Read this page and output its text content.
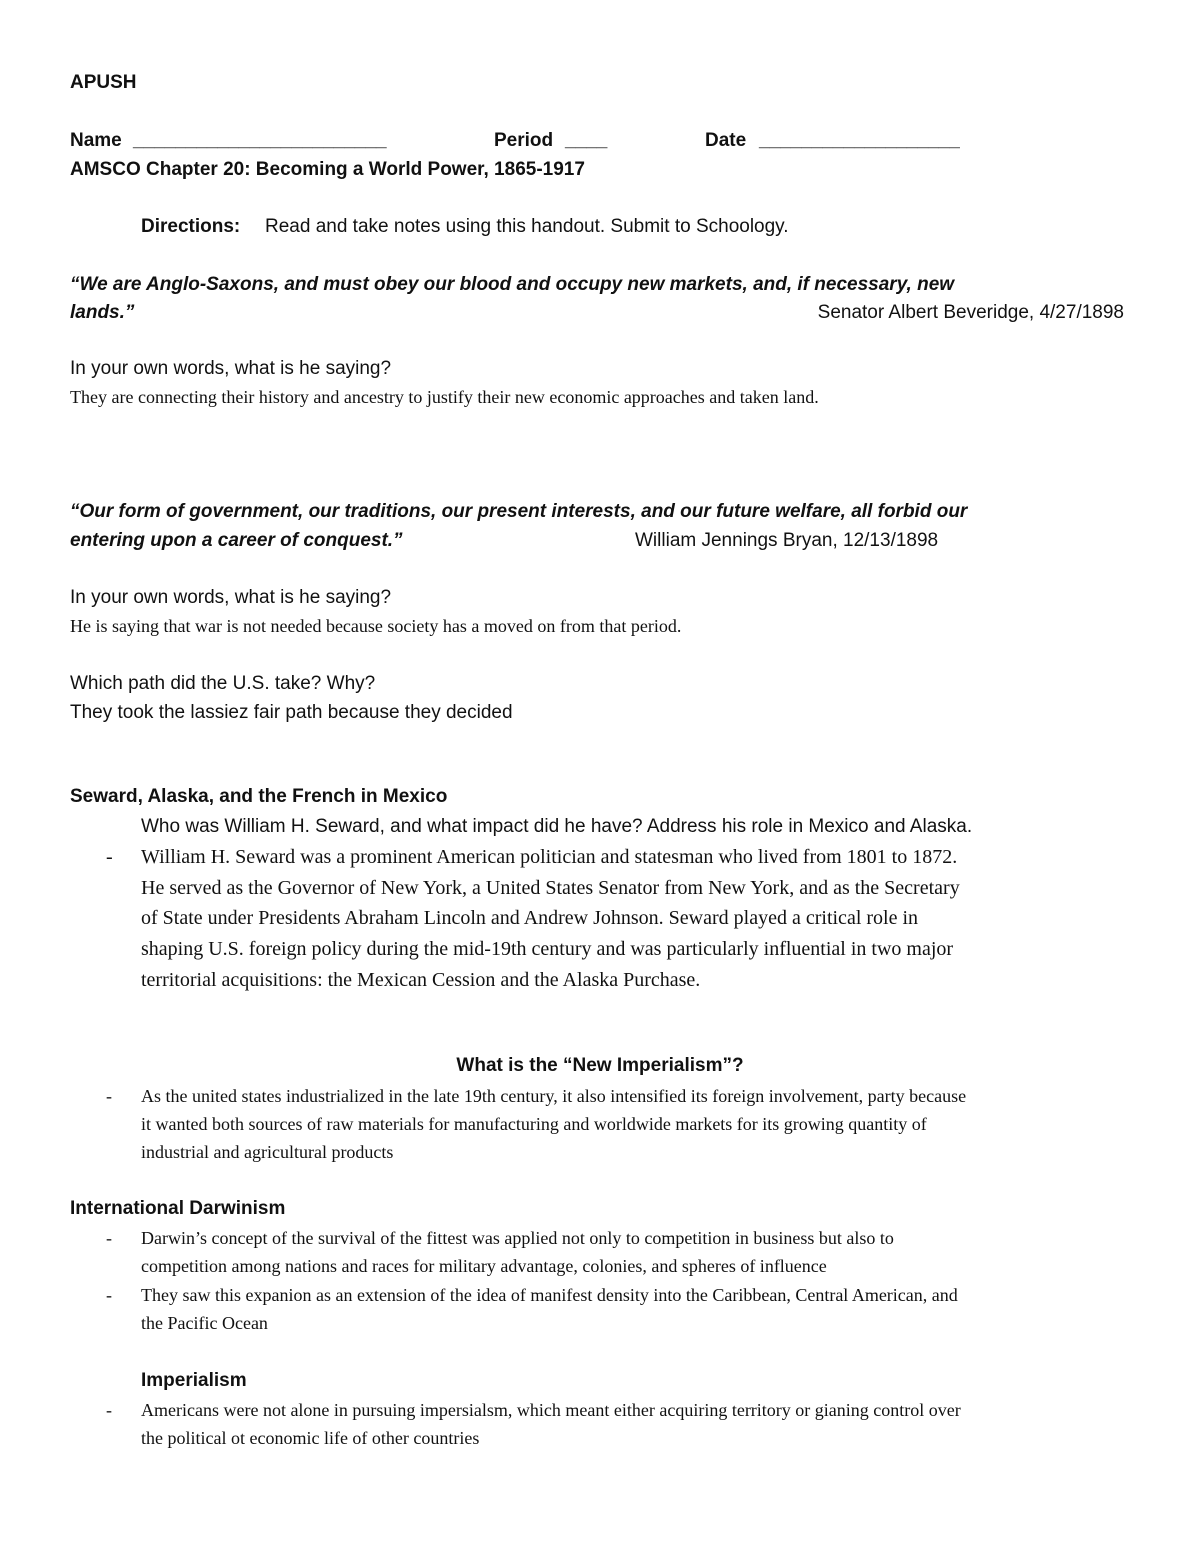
APUSH
Name ________________________	Period ____	Date ___________________
AMSCO Chapter 20: Becoming a World Power, 1865-1917
Directions: Read and take notes using this handout. Submit to Schoology.
“We are Anglo-Saxons, and must obey our blood and occupy new markets, and, if necessary, new
lands.”	Senator Albert Beveridge, 4/27/1898
In your own words, what is he saying?
They are connecting their history and ancestry to justify their new economic approaches and taken land.
“Our form of government, our traditions, our present interests, and our future welfare, all forbid our
entering upon a career of conquest.”	William Jennings Bryan, 12/13/1898
In your own words, what is he saying?
He is saying that war is not needed because society has a moved on from that period.
Which path did the U.S. take? Why?
They took the lassiez fair path because they decided
Seward, Alaska, and the French in Mexico
Who was William H. Seward, and what impact did he have? Address his role in Mexico and Alaska.
- William H. Seward was a prominent American politician and statesman who lived from 1801 to 1872.
He served as the Governor of New York, a United States Senator from New York, and as the Secretary
of State under Presidents Abraham Lincoln and Andrew Johnson. Seward played a critical role in
shaping U.S. foreign policy during the mid-19th century and was particularly influential in two major
territorial acquisitions: the Mexican Cession and the Alaska Purchase.
What is the “New Imperialism”?
- As the united states industrialized in the late 19th century, it also intensified its foreign involvement, party because
it wanted both sources of raw materials for manufacturing and worldwide markets for its growing quantity of
industrial and agricultural products
International Darwinism
- Darwin’s concept of the survival of the fittest was applied not only to competition in business but also to
competition among nations and races for military advantage, colonies, and spheres of influence
- They saw this expanion as an extension of the idea of manifest density into the Caribbean, Central American, and
the Pacific Ocean
Imperialism
- Americans were not alone in pursuing impersialsm, which meant either acquiring territory or gianing control over
the political ot economic life of other countries
